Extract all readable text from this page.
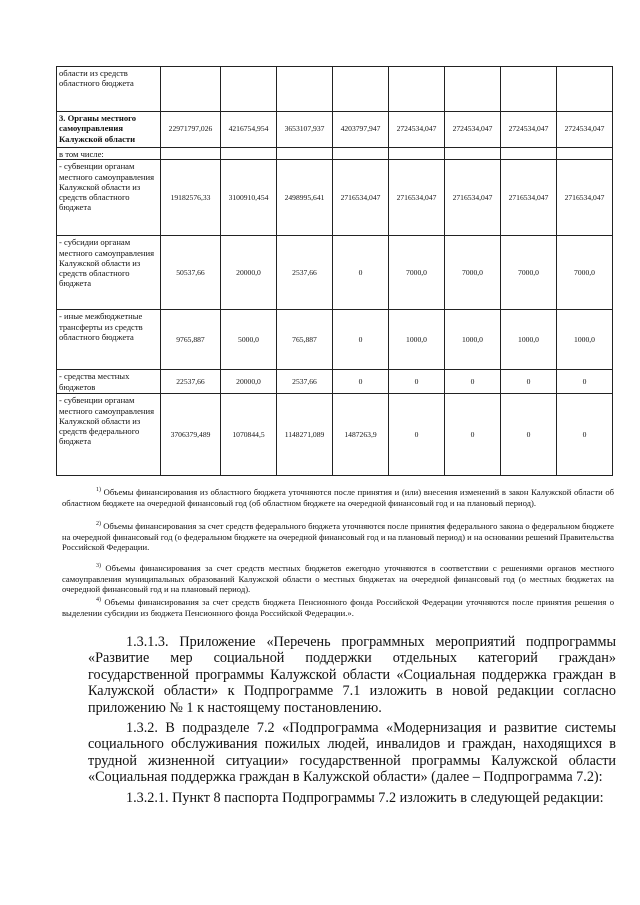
области из средств областного бюджета								
3. Органы местного самоуправления Калужской области	22971797,026	4216754,954	3653107,937	4203797,947	2724534,047	2724534,047	2724534,047	2724534,047
в том числе:								
- субвенции органам местного самоуправления Калужской области из средств областного бюджета	19182576,33	3100910,454	2498995,641	2716534,047	2716534,047	2716534,047	2716534,047	2716534,047
- субсидии органам местного самоуправления Калужской области из средств областного бюджета	50537,66	20000,0	2537,66	0	7000,0	7000,0	7000,0	7000,0
- иные межбюджетные трансферты из средств областного бюджета	9765,887	5000,0	765,887	0	1000,0	1000,0	1000,0	1000,0
- средства местных бюджетов	22537,66	20000,0	2537,66	0	0	0	0	0
- субвенции органам местного самоуправления Калужской области из средств федерального бюджета	3706379,489	1070844,5	1148271,089	1487263,9	0	0	0	0
$^{1)}$ Объемы финансирования из областного бюджета уточняются после принятия и (или) внесения изменений в закон Калужской области об областном бюджете на очередной финансовый год (об областном бюджете на очередной финансовый год и на плановый период).
$^{2)}$ Объемы финансирования за счет средств федерального бюджета уточняются после принятия федерального закона о федеральном бюджете на очередной финансовый год (о федеральном бюджете на очередной финансовый год и на плановый период) и на основании решений Правительства Российской Федерации.
$^{3)}$ Объемы финансирования за счет средств местных бюджетов ежегодно уточняются в соответствии с решениями органов местного самоуправления муниципальных образований Калужской области о местных бюджетах на очередной финансовый год (о местных бюджетах на очередной финансовый год и на плановый период).
$^{4)}$ Объемы финансирования за счет средств бюджета Пенсионного фонда Российской Федерации уточняются после принятия решения о выделении субсидии из бюджета Пенсионного фонда Российской Федерации.».
1.3.1.3. Приложение «Перечень программных мероприятий подпрограммы «Развитие мер социальной поддержки отдельных категорий граждан» государственной программы Калужской области «Социальная поддержка граждан в Калужской области» к Подпрограмме 7.1 изложить в новой редакции согласно приложению № 1 к настоящему постановлению.
1.3.2. В подразделе 7.2 «Подпрограмма «Модернизация и развитие системы социального обслуживания пожилых людей, инвалидов и граждан, находящихся в трудной жизненной ситуации» государственной программы Калужской области «Социальная поддержка граждан в Калужской области» (далее – Подпрограмма 7.2):
1.3.2.1. Пункт 8 паспорта Подпрограммы 7.2 изложить в следующей редакции:
